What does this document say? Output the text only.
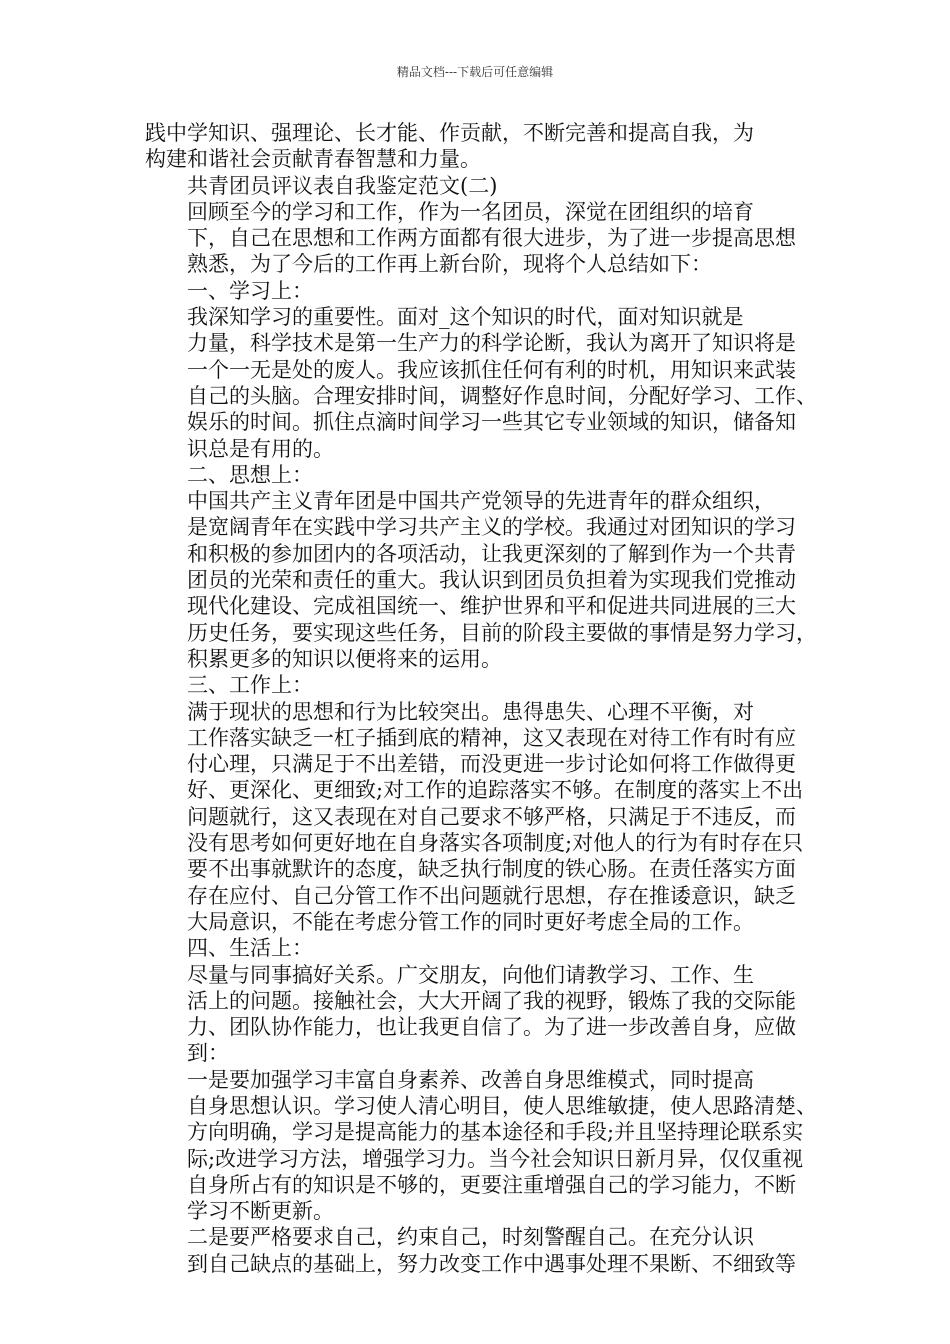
精品文档---下载后可任意编辑

践中学知识、强理论、长才能、作贡献，不断完善和提高自我，为
构建和谐社会贡献青春智慧和力量。

共青团员评议表自我鉴定范文(二)

回顾至今的学习和工作，作为一名团员，深觉在团组织的培育
下，自己在思想和工作两方面都有很大进步，为了进一步提高思想
熟悉，为了今后的工作再上新台阶，现将个人总结如下：

一、学习上：

我深知学习的重要性。面对_这个知识的时代，面对知识就是
力量，科学技术是第一生产力的科学论断，我认为离开了知识将是
一个一无是处的废人。我应该抓住任何有利的时机，用知识来武装
自己的头脑。合理安排时间，调整好作息时间，分配好学习、工作、
娱乐的时间。抓住点滴时间学习一些其它专业领域的知识，储备知
识总是有用的。

二、思想上：

中国共产主义青年团是中国共产党领导的先进青年的群众组织，
是宽阔青年在实践中学习共产主义的学校。我通过对团知识的学习
和积极的参加团内的各项活动，让我更深刻的了解到作为一个共青
团员的光荣和责任的重大。我认识到团员负担着为实现我们党推动
现代化建设、完成祖国统一、维护世界和平和促进共同进展的三大
历史任务，要实现这些任务，目前的阶段主要做的事情是努力学习，
积累更多的知识以便将来的运用。

三、工作上：

满于现状的思想和行为比较突出。患得患失、心理不平衡，对
工作落实缺乏一杠子插到底的精神，这又表现在对待工作有时有应
付心理，只满足于不出差错，而没更进一步讨论如何将工作做得更
好、更深化、更细致;对工作的追踪落实不够。在制度的落实上不出
问题就行，这又表现在对自己要求不够严格，只满足于不违反，而
没有思考如何更好地在自身落实各项制度;对他人的行为有时存在只
要不出事就默许的态度，缺乏执行制度的铁心肠。在责任落实方面
存在应付、自己分管工作不出问题就行思想，存在推诿意识，缺乏
大局意识，不能在考虑分管工作的同时更好考虑全局的工作。

四、生活上：

尽量与同事搞好关系。广交朋友，向他们请教学习、工作、生
活上的问题。接触社会，大大开阔了我的视野，锻炼了我的交际能
力、团队协作能力，也让我更自信了。为了进一步改善自身，应做
到：

一是要加强学习丰富自身素养、改善自身思维模式，同时提高
自身思想认识。学习使人清心明目，使人思维敏捷，使人思路清楚、
方向明确，学习是提高能力的基本途径和手段;并且坚持理论联系实
际;改进学习方法，增强学习力。当今社会知识日新月异，仅仅重视
自身所占有的知识是不够的，更要注重增强自己的学习能力，不断
学习不断更新。

二是要严格要求自己，约束自己，时刻警醒自己。在充分认识
到自己缺点的基础上，努力改变工作中遇事处理不果断、不细致等
